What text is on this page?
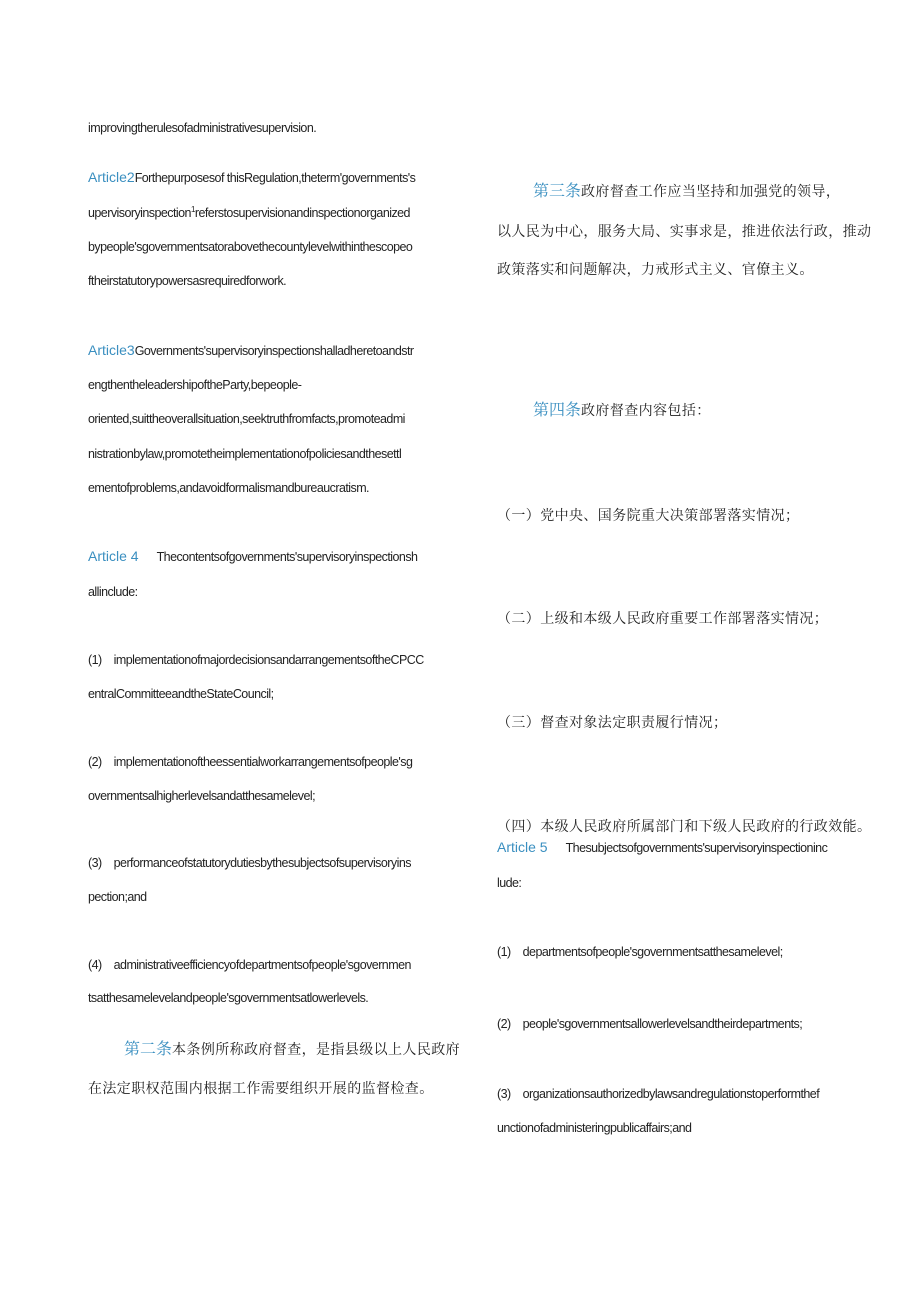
improvingtherulesofadministrativesupervision.
Article2Forthepurposesof thisRegulation,theterm'governments's
upervisoryinspection$^1$referstosupervisionandinspectionorganized
bypeople'sgovernmentsatorabovethecountylevelwithinthescopeo
ftheirstatutorypowersasrequiredforwork.
Article3Governments'supervisoryinspectionshalladheretoandstr
engthentheleadershipoftheParty,bepeople-
oriented,suittheoverallsituation,seektruthfromfacts,promoteadmi
nistrationbylaw,promotetheimplementationofpoliciesandthesettl
ementofproblems,andavoidformalismandbureaucratism.
Article 4 Thecontentsofgovernments'supervisoryinspectionsh
allinclude:
(1) implementationofmajordecisionsandarrangementsoftheCPCC
entralCommitteeandtheStateCouncil;
(2) implementationoftheessentialworkarrangementsofpeople'sg
overnmentsalhigherlevelsandatthesamelevel;
(3) performanceofstatutorydutiesbythesubjectsofsupervisoryins
pection;and
(4) administrativeefficiencyofdepartmentsofpeople'sgovernmen
tsatthesamelevelandpeople'sgovernmentsatlowerlevels.
第二条本条例所称政府督查，是指县级以上人民政府
在法定职权范围内根据工作需要组织开展的监督检查。
第三条政府督查工作应当坚持和加强党的领导，
以人民为中心，服务大局、实事求是，推进依法行政，推动
政策落实和问题解决，力戒形式主义、官僚主义。
第四条政府督查内容包括：
（一）党中央、国务院重大决策部署落实情况；
（二）上级和本级人民政府重要工作部署落实情况；
（三）督查对象法定职责履行情况；
（四）本级人民政府所属部门和下级人民政府的行政效能。
Article 5 Thesubjectsofgovernments'supervisoryinspectioninc
lude:
(1) departmentsofpeople'sgovernmentsatthesamelevel;
(2) people'sgovernmentsallowerlevelsandtheirdepartments;
(3) organizationsauthorizedbylawsandregulationstoperformthef
unctionofadministeringpublicaffairs;and
